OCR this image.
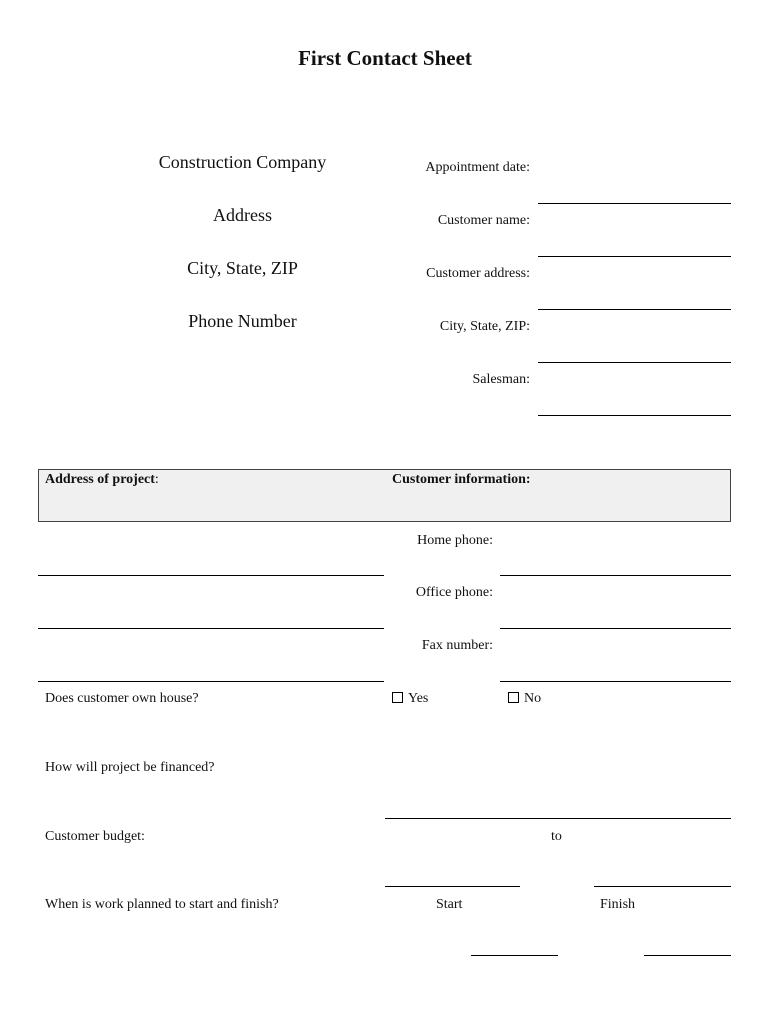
First Contact Sheet
Construction Company
Address
City, State, ZIP
Phone Number
Appointment date:
Customer name:
Customer address:
City, State, ZIP:
Salesman:
Address of project:	Customer information:
Home phone:
Office phone:
Fax number:
Does customer own house?	Yes	No
How will project be financed?
Customer budget:	to
When is work planned to start and finish?	Start	Finish
